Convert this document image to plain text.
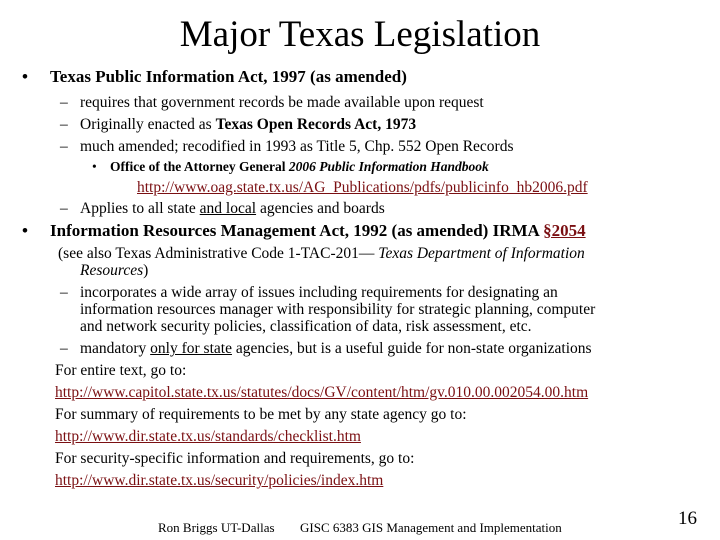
Major Texas Legislation
• Texas Public Information Act, 1997 (as amended)
– requires that government records be made available upon request
– Originally enacted as Texas Open Records Act, 1973
– much amended; recodified in 1993 as Title 5, Chp. 552 Open Records
• Office of the Attorney General 2006 Public Information Handbook
http://www.oag.state.tx.us/AG_Publications/pdfs/publicinfo_hb2006.pdf
– Applies to all state and local agencies and boards
• Information Resources Management Act, 1992 (as amended) IRMA §2054
(see also Texas Administrative Code 1-TAC-201— Texas Department of Information
Resources)
– incorporates a wide array of issues including requirements for designating an
information resources manager with responsibility for strategic planning, computer
and network security policies, classification of data, risk assessment, etc.
– mandatory only for state agencies, but is a useful guide for non-state organizations
For entire text, go to:
http://www.capitol.state.tx.us/statutes/docs/GV/content/htm/gv.010.00.002054.00.htm
For summary of requirements to be met by any state agency go to:
http://www.dir.state.tx.us/standards/checklist.htm
For security-specific information and requirements, go to:
http://www.dir.state.tx.us/security/policies/index.htm
Ron Briggs UT-Dallas GISC 6383 GIS Management and Implementation	16
